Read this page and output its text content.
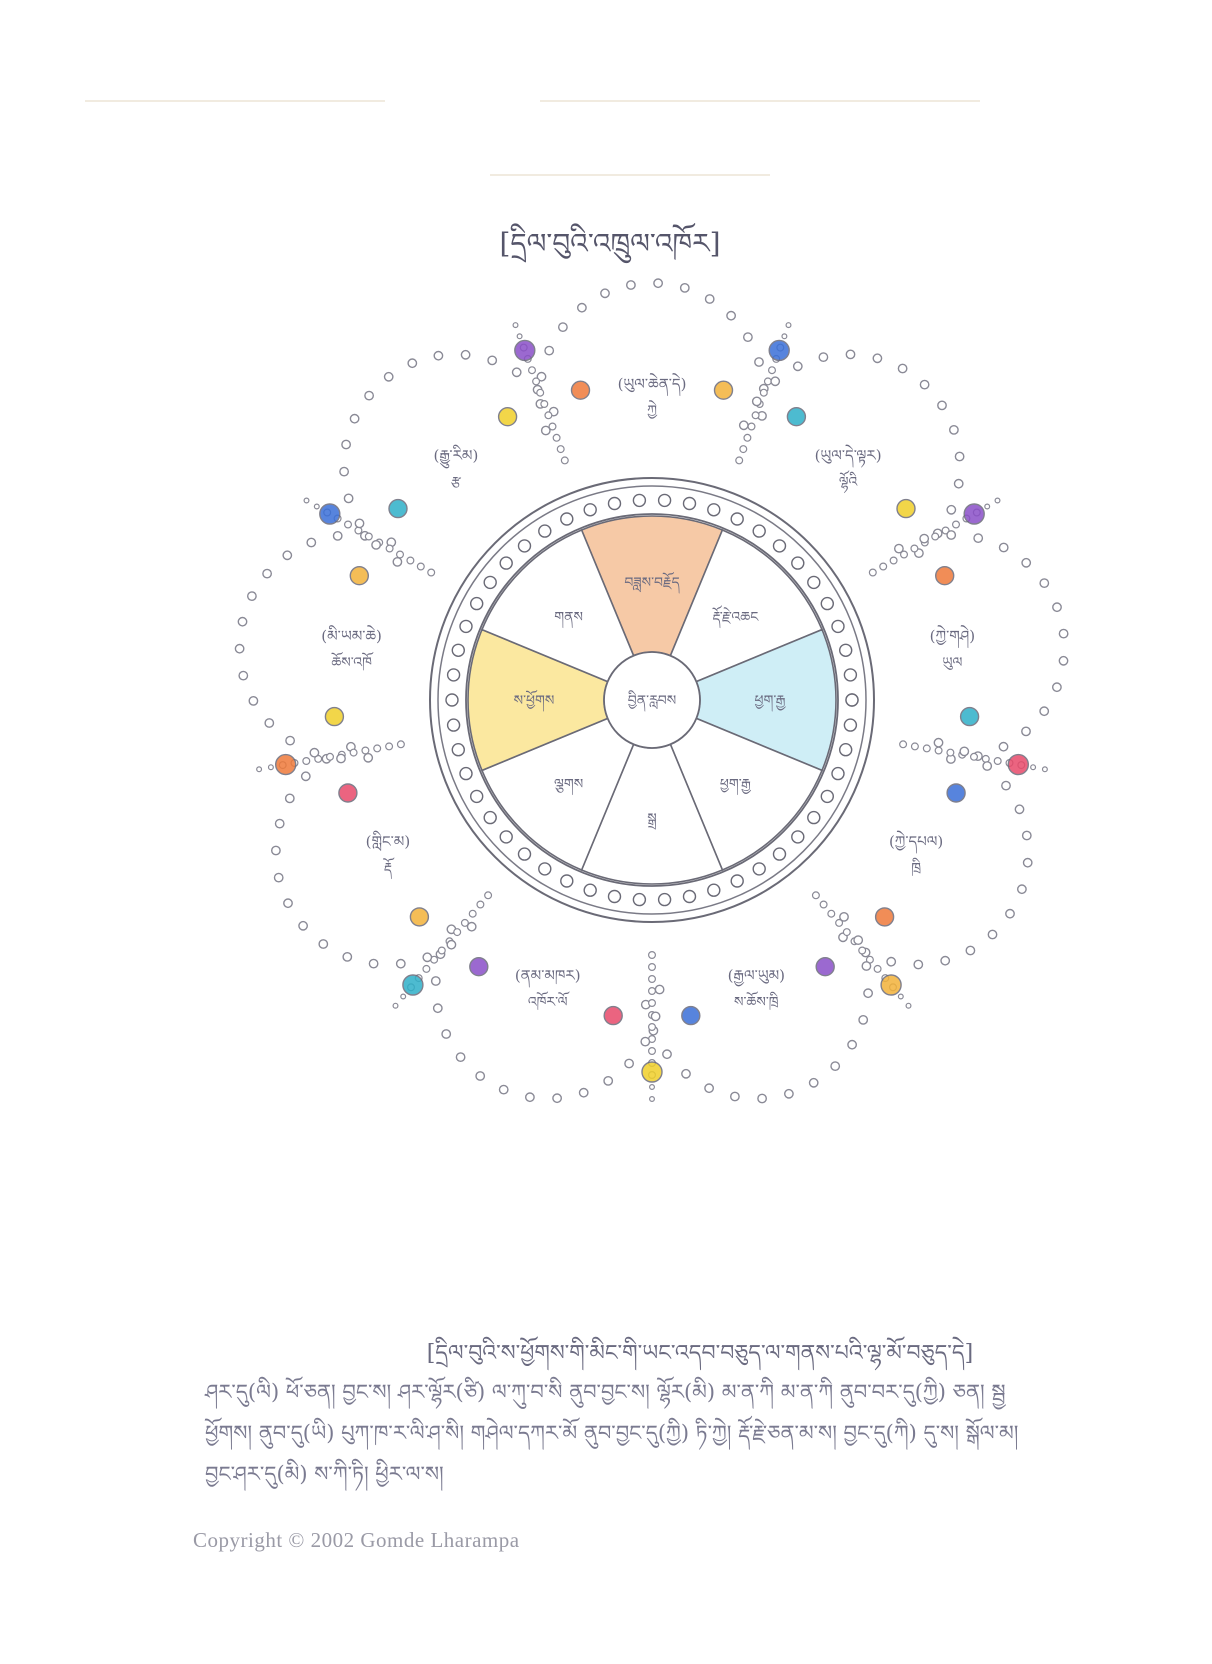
[དྲིལ་བུའི་འཁྲུལ་འཁོར]
(ཡུལ་ཆེན་དེ)
ཀྱེ
(ཡུལ་དེ་ལྟར)
ལྷོའི
(ཀྱེ་གཤེ)
ཡུལ
(ཀྱེ་དཔལ)
ཁྲི
(རྒྱལ་ཡུམ)
ས་ཆོས་ཁྲི
(ནམ་མཁར)
འཁོར་ལོ
(གླིང་མ)
རྡོ
(མི་ཡམ་ཆེ)
ཆོས་འཁོ
(རྒྱུ་རིམ)
རྩ
བཟླས་བརྗོད
རྡོ་རྗེ་འཆང
ཕྱག་རྒྱ
ཕྱག་རྒྱ
སྒྲ
ལྕགས
ས་ཕྱོགས
གནས
བྱིན་རླབས
[དྲིལ་བུའི་ས་ཕྱོགས་གི་མིང་གི་ཡང་འདབ་བཅུད་ལ་གནས་པའི་ལྷ་མོ་བཅུད་དེ]
ཤར་དུ(ལི) ཕོ་ཅན། བྱང་ས། ཤར་ལྷོར(ཙི) ལ་ཀུ་བ་སི ནུབ་བྱང་ས། ལྷོར(མི) མ་ན་ཀི མ་ན་ཀི ནུབ་བར་དུ(ཀྱི) ཅན། སྦྱ
ཕྱོགས། ནུབ་དུ(ཡི) པུཀ་ཁ་ར་ལི་ཤ་སི། གཤེལ་དཀར་མོ ནུབ་བྱང་དུ(ཀྱི) ཏི་ཀྱེ། རྡོ་རྗེ་ཅན་མ་ས། བྱང་དུ(ཀི) དུ་ས། སྒོལ་མ།
བྱང་ཤར་དུ(མི) ས་ཀི་ཏི། ཕྱིར་ལ་ས།
Copyright © 2002 Gomde Lharampa
